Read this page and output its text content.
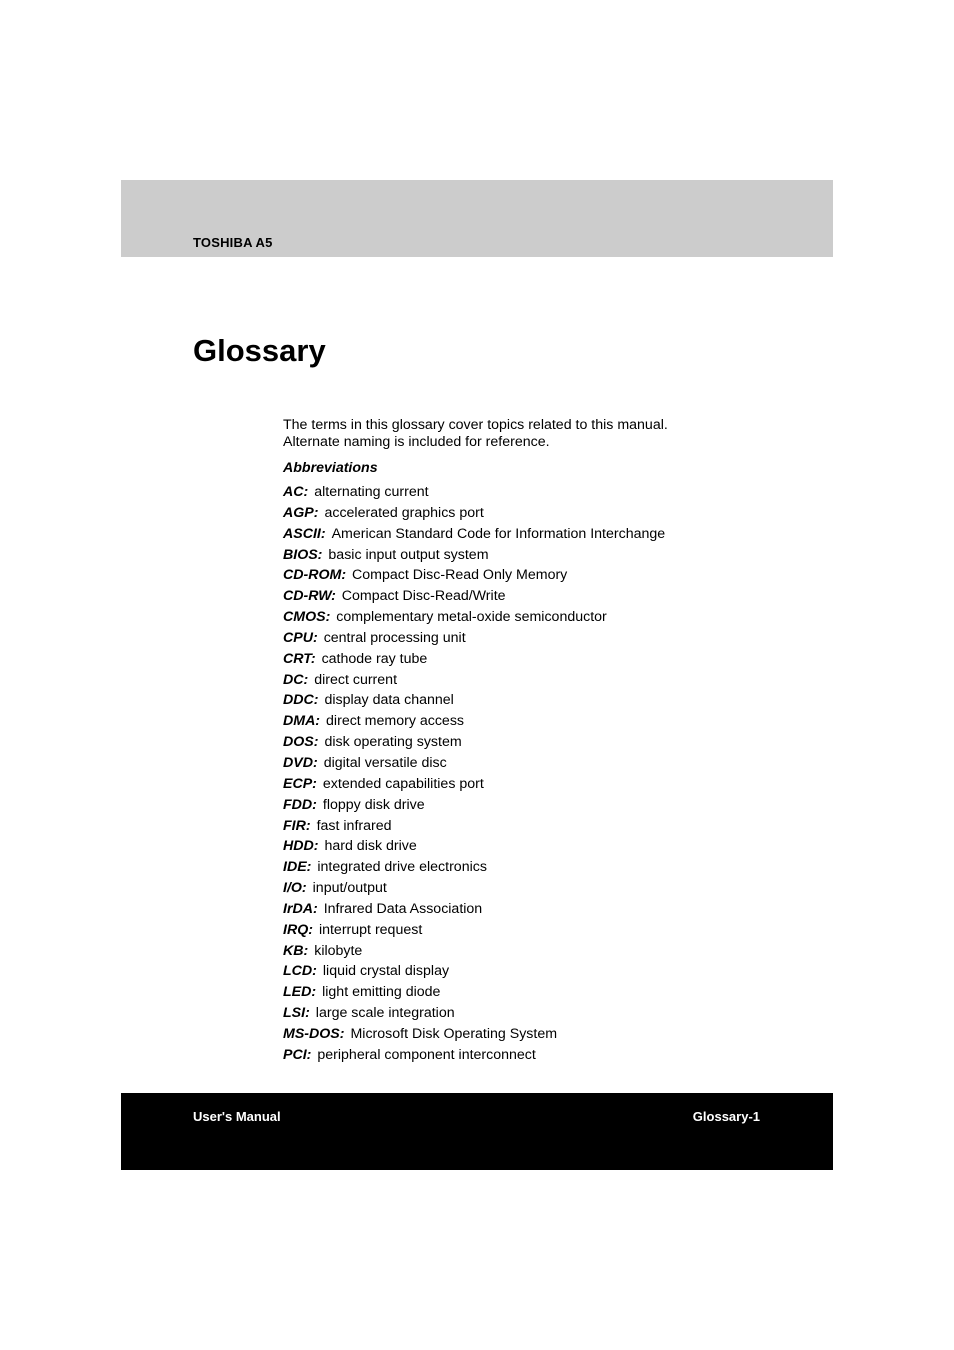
TOSHIBA A5
Glossary

The terms in this glossary cover topics related to this manual.
Alternate naming is included for reference.

Abbreviations

AC: alternating current
AGP: accelerated graphics port
ASCII: American Standard Code for Information Interchange
BIOS: basic input output system
CD-ROM: Compact Disc-Read Only Memory
CD-RW: Compact Disc-Read/Write
CMOS: complementary metal-oxide semiconductor
CPU: central processing unit
CRT: cathode ray tube
DC: direct current
DDC: display data channel
DMA: direct memory access
DOS: disk operating system
DVD: digital versatile disc
ECP: extended capabilities port
FDD: floppy disk drive
FIR: fast infrared
HDD: hard disk drive
IDE: integrated drive electronics
I/O: input/output
IrDA: Infrared Data Association
IRQ: interrupt request
KB: kilobyte
LCD: liquid crystal display
LED: light emitting diode
LSI: large scale integration
MS-DOS: Microsoft Disk Operating System
PCI: peripheral component interconnect
User's Manual	Glossary-1
